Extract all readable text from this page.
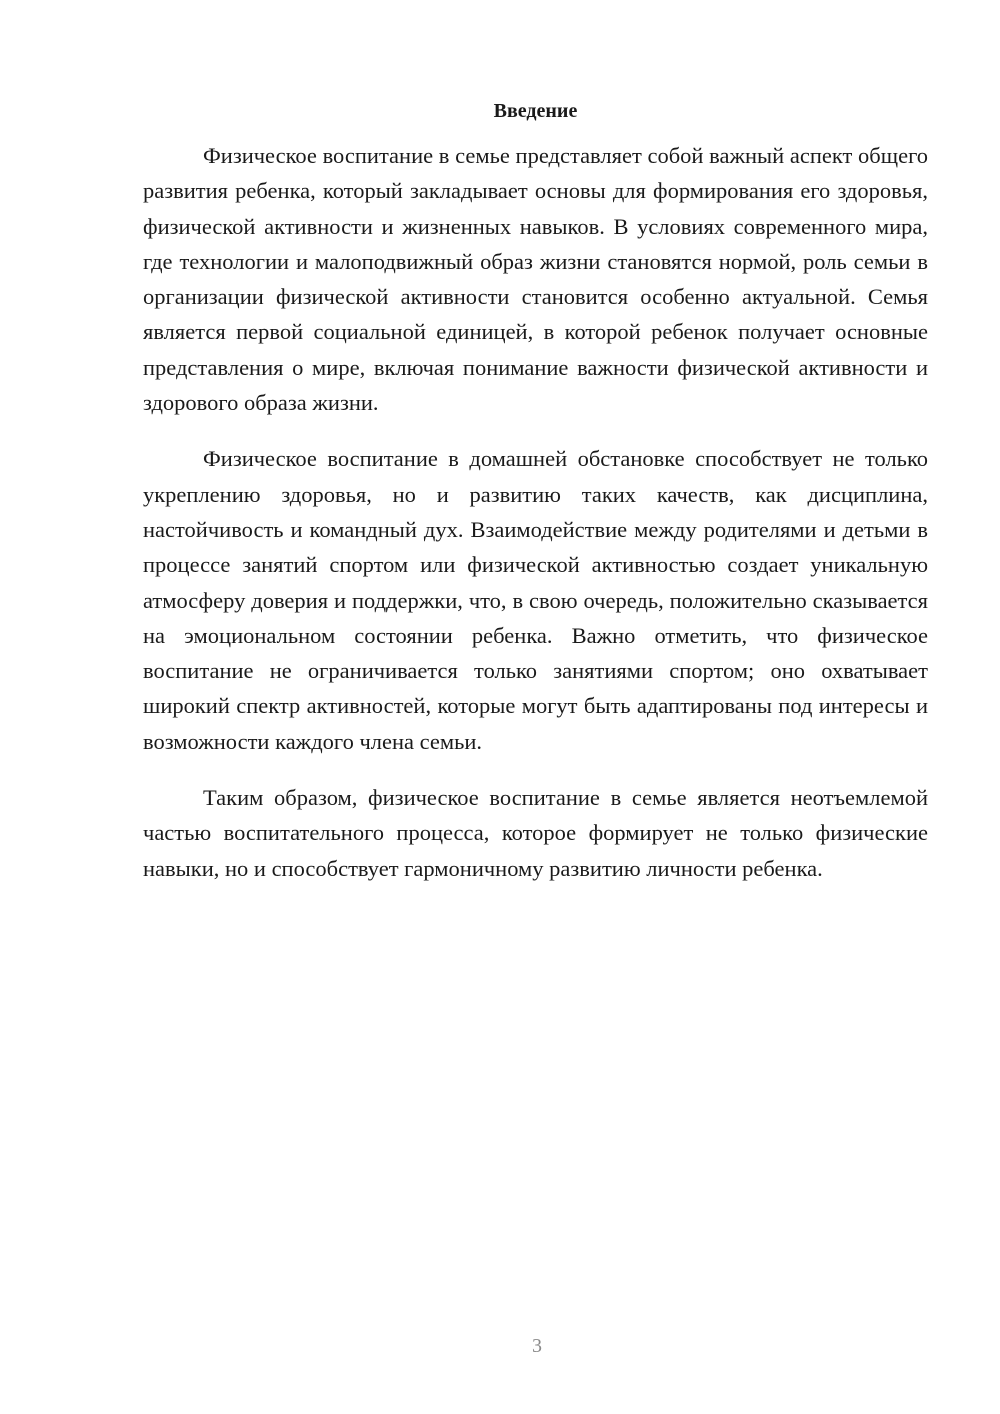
Введение

Физическое воспитание в семье представляет собой важный аспект общего развития ребенка, который закладывает основы для формирования его здоровья, физической активности и жизненных навыков. В условиях современного мира, где технологии и малоподвижный образ жизни становятся нормой, роль семьи в организации физической активности становится особенно актуальной. Семья является первой социальной единицей, в которой ребенок получает основные представления о мире, включая понимание важности физической активности и здорового образа жизни.

Физическое воспитание в домашней обстановке способствует не только укреплению здоровья, но и развитию таких качеств, как дисциплина, настойчивость и командный дух. Взаимодействие между родителями и детьми в процессе занятий спортом или физической активностью создает уникальную атмосферу доверия и поддержки, что, в свою очередь, положительно сказывается на эмоциональном состоянии ребенка. Важно отметить, что физическое воспитание не ограничивается только занятиями спортом; оно охватывает широкий спектр активностей, которые могут быть адаптированы под интересы и возможности каждого члена семьи.

Таким образом, физическое воспитание в семье является неотъемлемой частью воспитательного процесса, которое формирует не только физические навыки, но и способствует гармоничному развитию личности ребенка.

3
